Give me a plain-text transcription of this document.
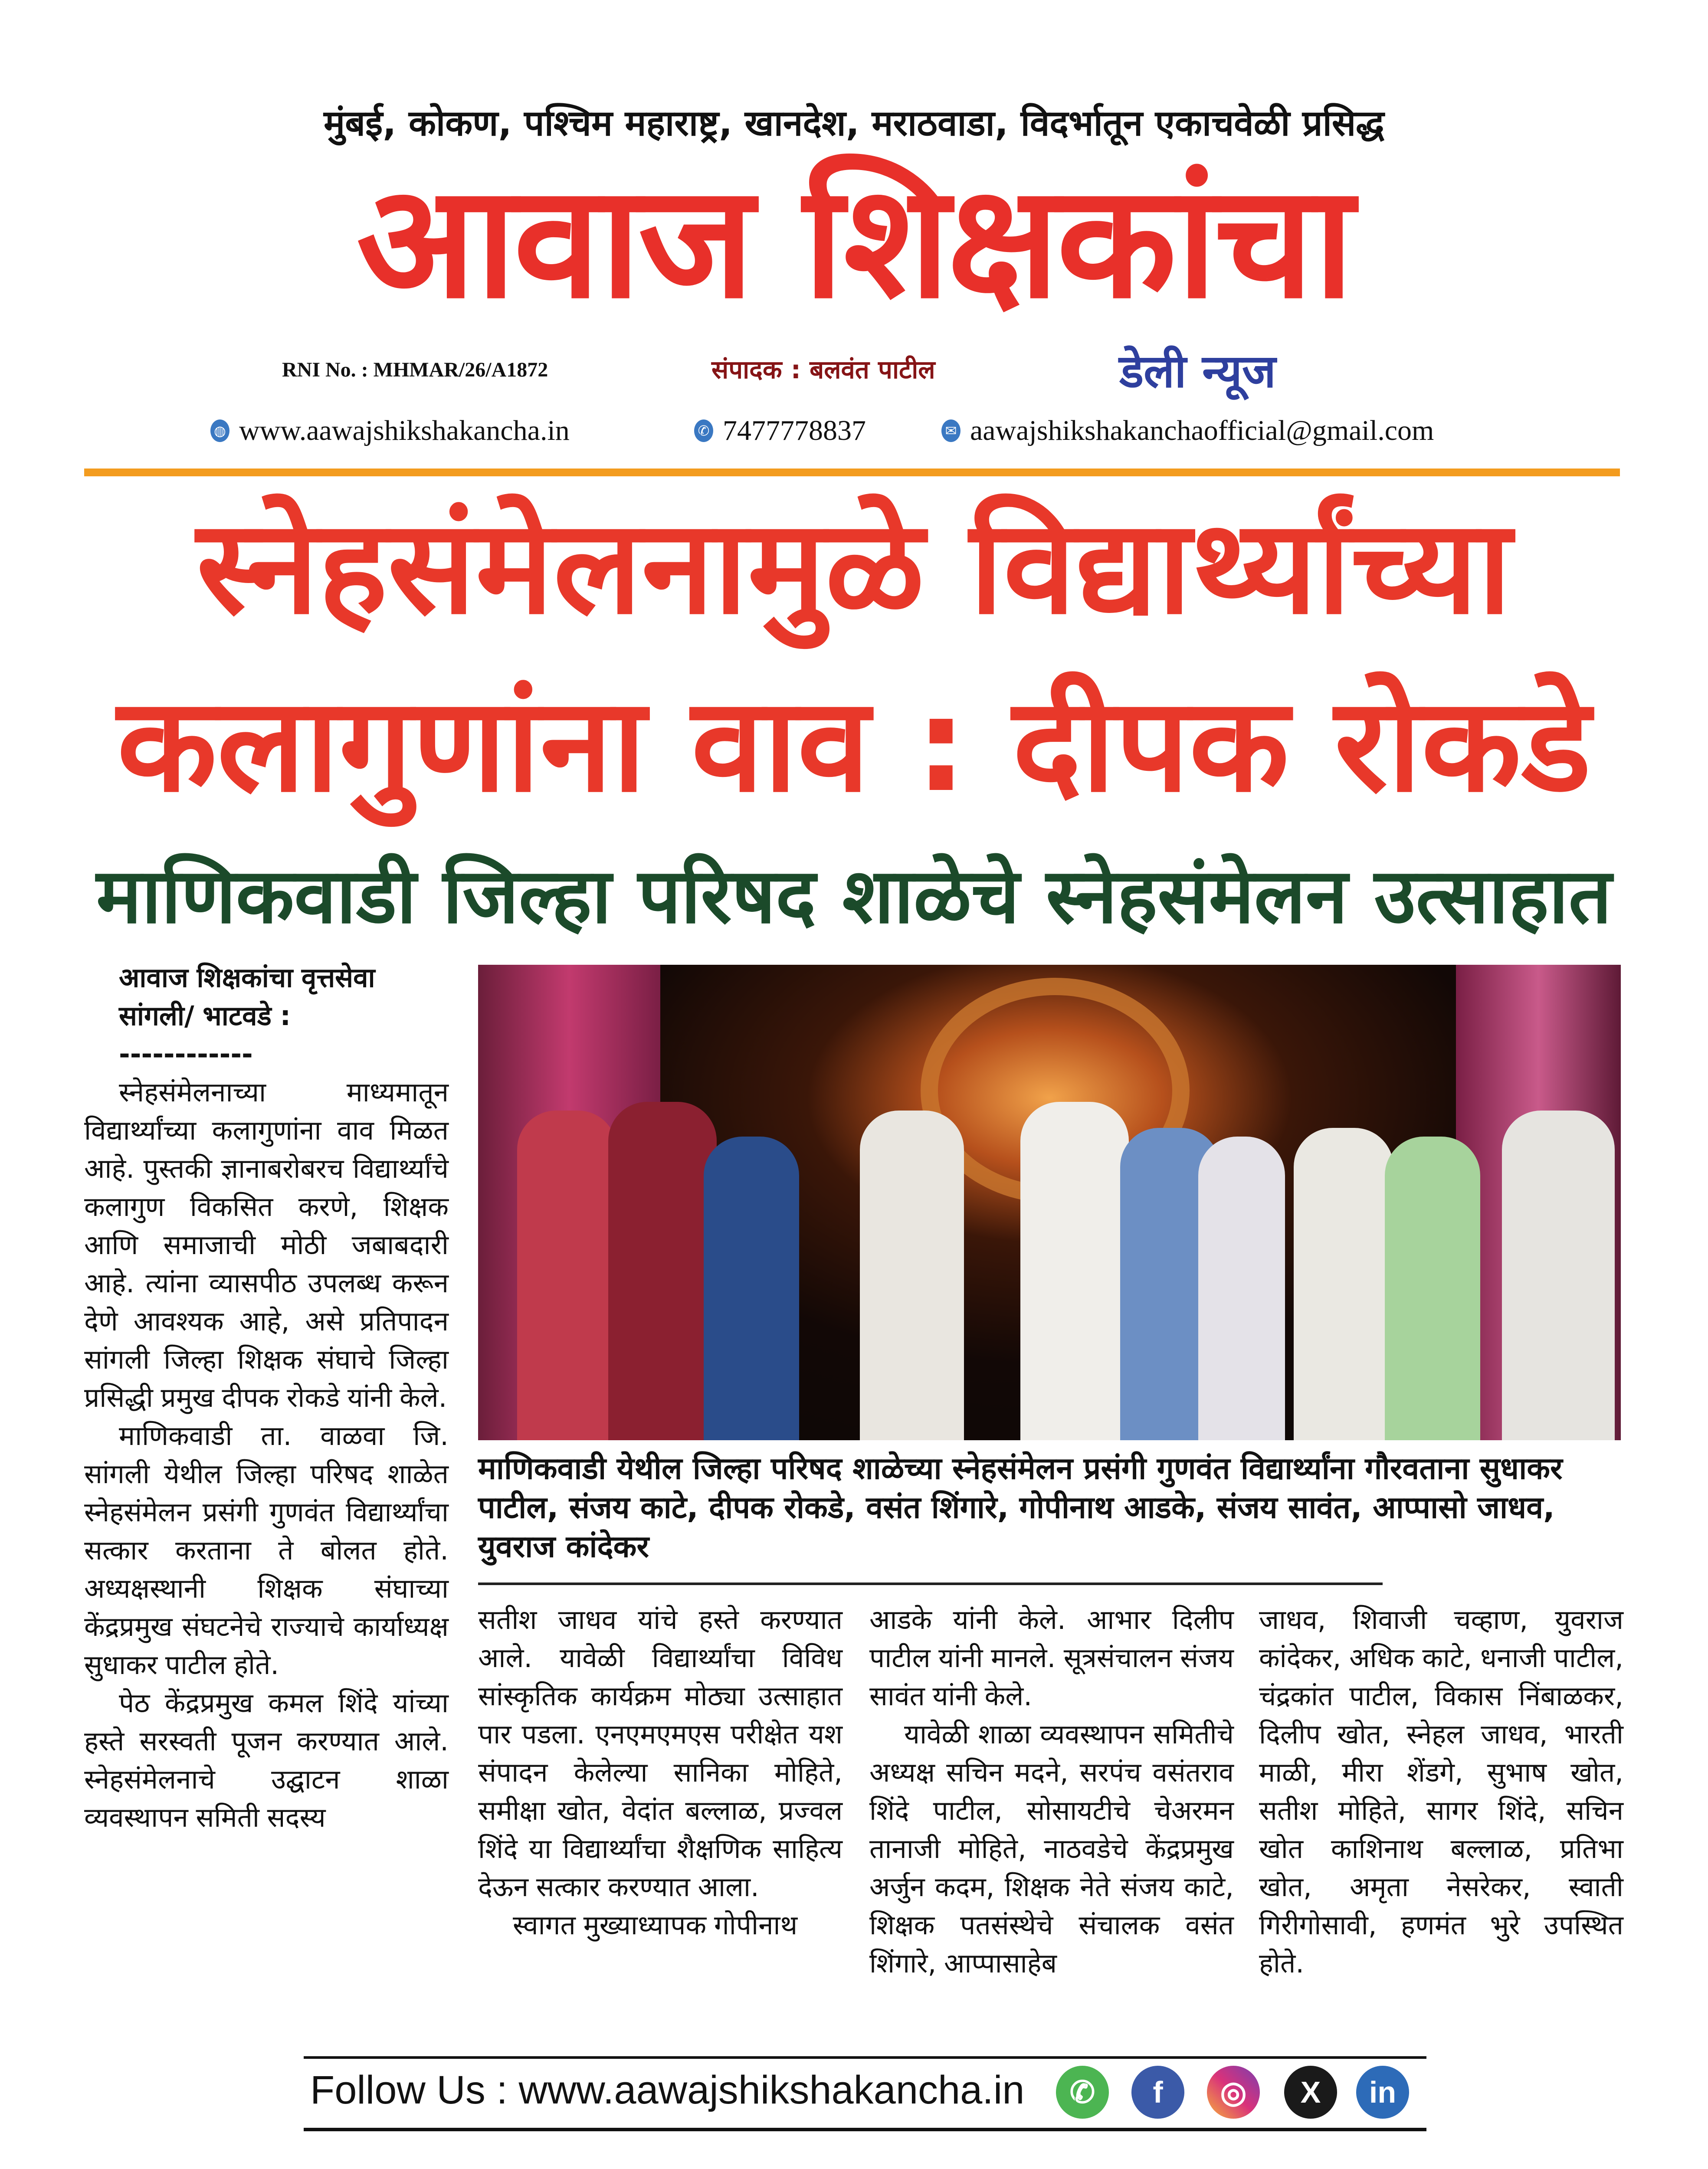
मुंबई, कोकण, पश्चिम महाराष्ट्र, खानदेश, मराठवाडा, विदर्भातून एकाचवेळी प्रसिद्ध
आवाज शिक्षकांचा
RNI No. : MHMAR/26/A1872	संपादक : बलवंत पाटील	डेली न्यूज
◍ www.aawajshikshakancha.in	✆ 7477778837	✉ aawajshikshakanchaofficial@gmail.com
स्नेहसंमेलनामुळे विद्यार्थ्यांच्या
कलागुणांना वाव : दीपक रोकडे
माणिकवाडी जिल्हा परिषद शाळेचे स्नेहसंमेलन उत्साहात
आवाज शिक्षकांचा वृत्तसेवा
सांगली/ भाटवडे :
------------

स्नेहसंमेलनाच्या माध्यमातून विद्यार्थ्यांच्या कलागुणांना वाव मिळत आहे. पुस्तकी ज्ञानाबरोबरच विद्यार्थ्यांचे कलागुण विकसित करणे, शिक्षक आणि समाजाची मोठी जबाबदारी आहे. त्यांना व्यासपीठ उपलब्ध करून देणे आवश्यक आहे, असे प्रतिपादन सांगली जिल्हा शिक्षक संघाचे जिल्हा प्रसिद्धी प्रमुख दीपक रोकडे यांनी केले.

माणिकवाडी ता. वाळवा जि. सांगली येथील जिल्हा परिषद शाळेत स्नेहसंमेलन प्रसंगी गुणवंत विद्यार्थ्यांचा सत्कार करताना ते बोलत होते. अध्यक्षस्थानी शिक्षक संघाच्या केंद्रप्रमुख संघटनेचे राज्याचे कार्याध्यक्ष सुधाकर पाटील होते.

पेठ केंद्रप्रमुख कमल शिंदे यांच्या हस्ते सरस्वती पूजन करण्यात आले. स्नेहसंमेलनाचे उद्घाटन शाळा व्यवस्थापन समिती सदस्य

माणिकवाडी येथील जिल्हा परिषद शाळेच्या स्नेहसंमेलन प्रसंगी गुणवंत विद्यार्थ्यांना गौरवताना सुधाकर पाटील, संजय काटे, दीपक रोकडे, वसंत शिंगारे, गोपीनाथ आडके, संजय सावंत, आप्पासो जाधव, युवराज कांदेकर

सतीश जाधव यांचे हस्ते करण्यात आले. यावेळी विद्यार्थ्यांचा विविध सांस्कृतिक कार्यक्रम मोठ्या उत्साहात पार पडला. एनएमएमएस परीक्षेत यश संपादन केलेल्या सानिका मोहिते, समीक्षा खोत, वेदांत बल्लाळ, प्रज्वल शिंदे या विद्यार्थ्यांचा शैक्षणिक साहित्य देऊन सत्कार करण्यात आला.

स्वागत मुख्याध्यापक गोपीनाथ

आडके यांनी केले. आभार दिलीप पाटील यांनी मानले. सूत्रसंचालन संजय सावंत यांनी केले.

यावेळी शाळा व्यवस्थापन समितीचे अध्यक्ष सचिन मदने, सरपंच वसंतराव शिंदे पाटील, सोसायटीचे चेअरमन तानाजी मोहिते, नाठवडेचे केंद्रप्रमुख अर्जुन कदम, शिक्षक नेते संजय काटे, शिक्षक पतसंस्थेचे संचालक वसंत शिंगारे, आप्पासाहेब

जाधव, शिवाजी चव्हाण, युवराज कांदेकर, अधिक काटे, धनाजी पाटील, चंद्रकांत पाटील, विकास निंबाळकर, दिलीप खोत, स्नेहल जाधव, भारती माळी, मीरा शेंडगे, सुभाष खोत, सतीश मोहिते, सागर शिंदे, सचिन खोत काशिनाथ बल्लाळ, प्रतिभा खोत, अमृता नेसरेकर, स्वाती गिरीगोसावी, हणमंत भुरे उपस्थित होते.

Follow Us : www.aawajshikshakancha.in	✆	f	◎	X	in
